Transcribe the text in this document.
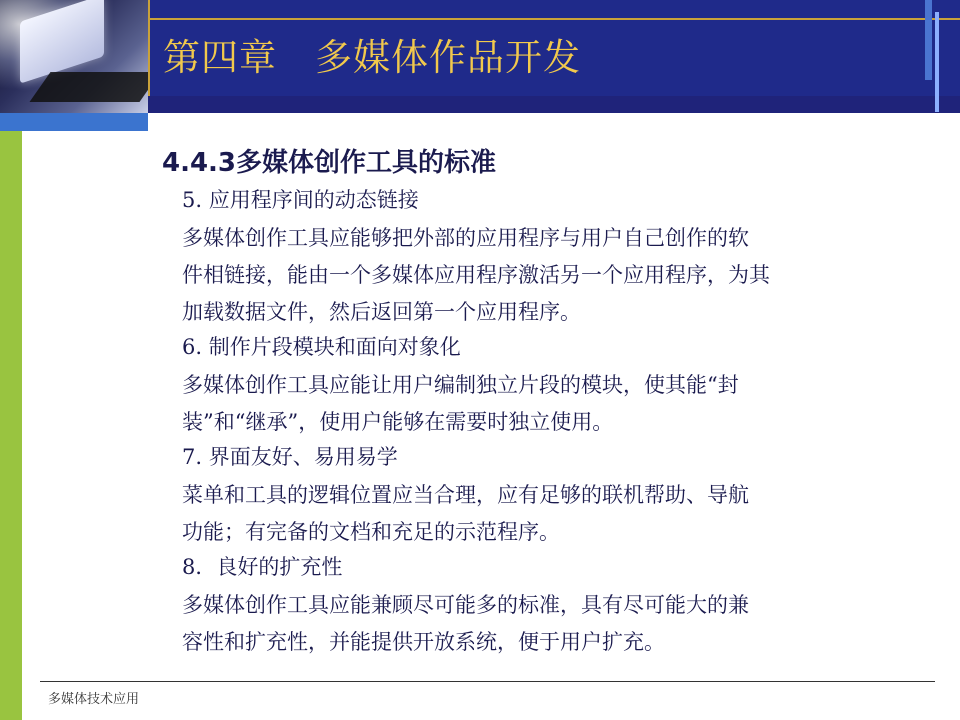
第四章　多媒体作品开发
4.4.3多媒体创作工具的标准
5. 应用程序间的动态链接
多媒体创作工具应能够把外部的应用程序与用户自己创作的软
件相链接，能由一个多媒体应用程序激活另一个应用程序，为其
加载数据文件，然后返回第一个应用程序。
6. 制作片段模块和面向对象化
多媒体创作工具应能让用户编制独立片段的模块，使其能“封
装”和“继承”，使用户能够在需要时独立使用。
7. 界面友好、易用易学
菜单和工具的逻辑位置应当合理，应有足够的联机帮助、导航
功能；有完备的文档和充足的示范程序。
8．良好的扩充性
多媒体创作工具应能兼顾尽可能多的标准，具有尽可能大的兼
容性和扩充性，并能提供开放系统，便于用户扩充。
多媒体技术应用
